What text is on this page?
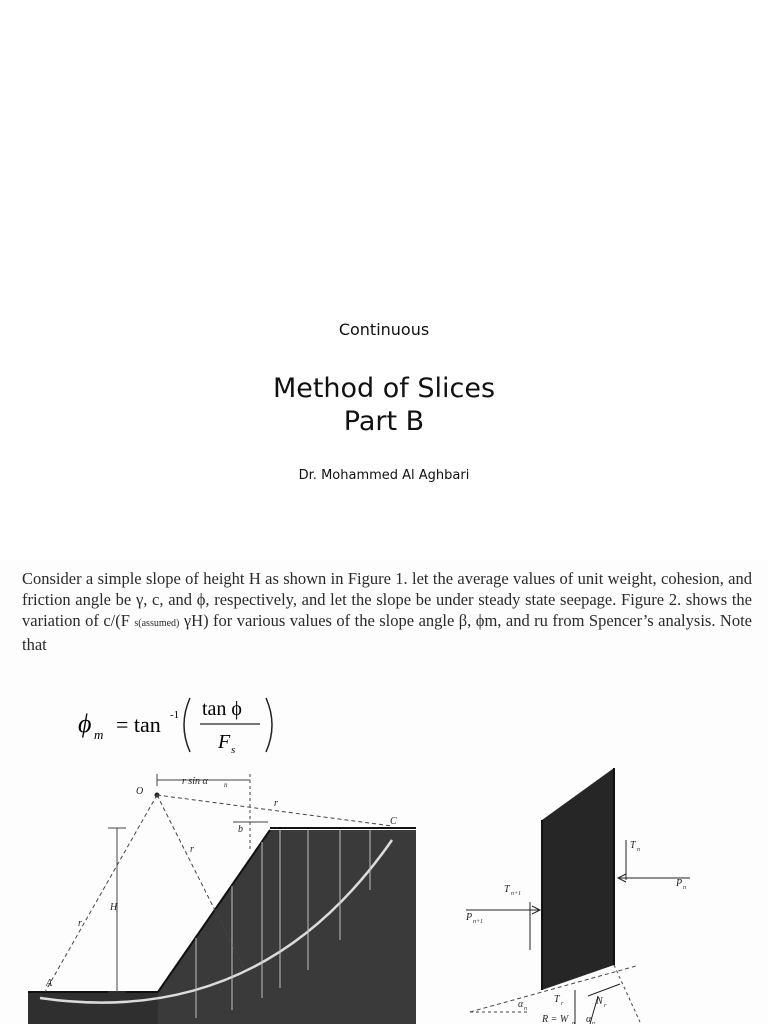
Continuous
Method of Slices
Part B
Dr. Mohammed Al Aghbari
Consider a simple slope of height H as shown in Figure 1. let the average values of unit weight, cohesion, and friction angle be γ, c, and ϕ, respectively, and let the slope be under steady state seepage. Figure 2. shows the variation of c/(F s(assumed) γH) for various values of the slope angle β, ϕm, and ru from Spencer’s analysis. Note that
ϕ m = tan -1 tan ϕ
F s
O
C
A
H
r
r
r
r sin α n
b
T n
P n
T n+1
P n+1
α n
T r	N r
R = W n α n
